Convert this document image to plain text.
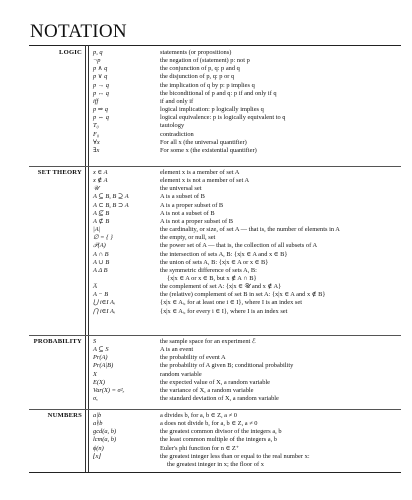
NOTATION
LOGIC p, q	statements (or propositions)
¬p	the negation of (statement) p: not p
p ∧ q	the conjunction of p, q: p and q
p ∨ q	the disjunction of p, q: p or q
p → q	the implication of q by p: p implies q
p ↔ q	the biconditional of p and q: p if and only if q
iff	if and only if
p ⇒ q	logical implication: p logically implies q
p ⇔ q	logical equivalence: p is logically equivalent to q
T₀	tautology
F₀	contradiction
∀x	For all x (the universal quantifier)
∃x	For some x (the existential quantifier)
SET THEORY x ∈ A	element x is a member of set A
x ∉ A	element x is not a member of set A
𝒰	the universal set
A ⊆ B, B ⊇ A	A is a subset of B
A ⊂ B, B ⊃ A	A is a proper subset of B
A ⊈ B	A is not a subset of B
A ⊄ B	A is not a proper subset of B
|A|	the cardinality, or size, of set A — that is, the number of elements in A
∅ = { }	the empty, or null, set
𝒫(A)	the power set of A — that is, the collection of all subsets of A
A ∩ B	the intersection of sets A, B: {x|x ∈ A and x ∈ B}
A ∪ B	the union of sets A, B: {x|x ∈ A or x ∈ B}
A Δ B	the symmetric difference of sets A, B:
{x|x ∈ A or x ∈ B, but x ∉ A ∩ B}
A̅	the complement of set A: {x|x ∈ 𝒰 and x ∉ A}
A − B	the (relative) complement of set B in set A: {x|x ∈ A and x ∉ B}
⋃ i∈I Aᵢ	{x|x ∈ Aᵢ, for at least one i ∈ I}, where I is an index set
⋂ i∈I Aᵢ	{x|x ∈ Aᵢ, for every i ∈ I}, where I is an index set
PROBABILITY S	the sample space for an experiment ℰ
A ⊆ S	A is an event
Pr(A)	the probability of event A
Pr(A|B)	the probability of A given B; conditional probability
X	random variable
E(X)	the expected value of X, a random variable
Var(X) = σ²ₓ	the variance of X, a random variable
σₓ	the standard deviation of X, a random variable
NUMBERS a|b	a divides b, for a, b ∈ Z, a ≠ 0
a∤b	a does not divide b, for a, b ∈ Z, a ≠ 0
gcd(a, b)	the greatest common divisor of the integers a, b
lcm(a, b)	the least common multiple of the integers a, b
ϕ(n)	Euler's phi function for n ∈ Z⁺
⌊x⌋	the greatest integer less than or equal to the real number x:
the greatest integer in x; the floor of x
